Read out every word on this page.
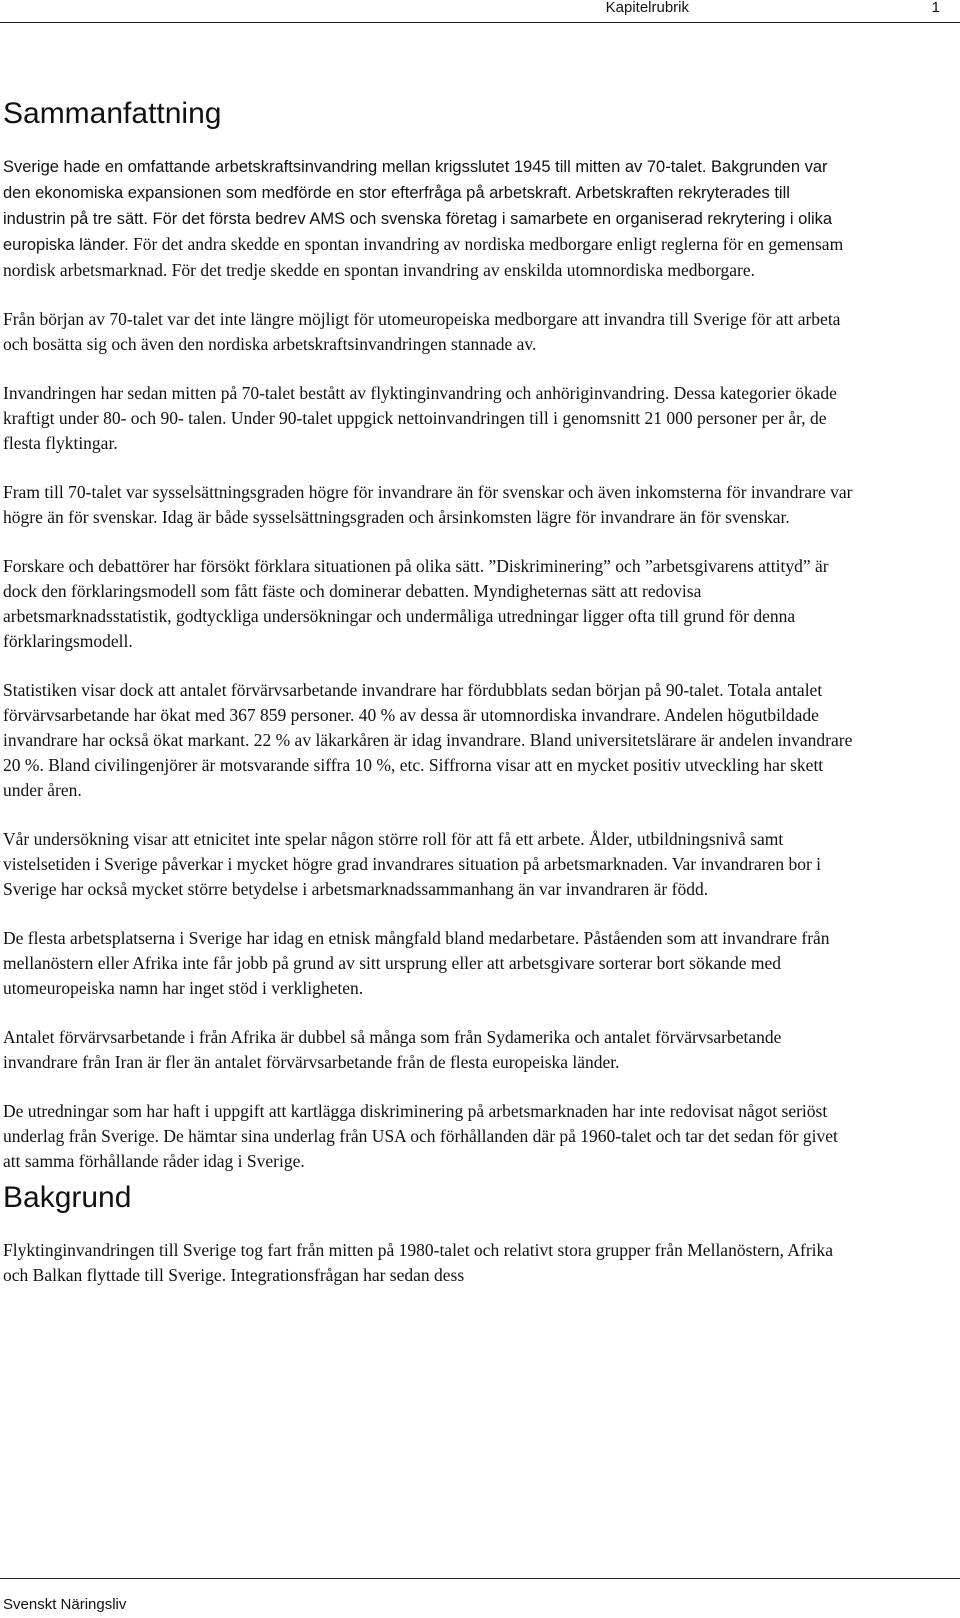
Kapitelrubrik	1
Sammanfattning

Sverige hade en omfattande arbetskraftsinvandring mellan krigsslutet 1945 till mitten av 70-talet. Bakgrunden var den ekonomiska expansionen som medförde en stor efterfråga på arbetskraft. Arbetskraften rekryterades till industrin på tre sätt. För det första bedrev AMS och svenska företag i samarbete en organiserad rekrytering i olika europiska länder. För det andra skedde en spontan invandring av nordiska medborgare enligt reglerna för en gemensam nordisk arbetsmarknad. För det tredje skedde en spontan invandring av enskilda utomnordiska medborgare.

Från början av 70-talet var det inte längre möjligt för utomeuropeiska medborgare att invandra till Sverige för att arbeta och bosätta sig och även den nordiska arbetskraftsinvandringen stannade av.

Invandringen har sedan mitten på 70-talet bestått av flyktinginvandring och anhöriginvandring. Dessa kategorier ökade kraftigt under 80- och 90- talen. Under 90-talet uppgick nettoinvandringen till i genomsnitt 21 000 personer per år, de flesta flyktingar.

Fram till 70-talet var sysselsättningsgraden högre för invandrare än för svenskar och även inkomsterna för invandrare var högre än för svenskar. Idag är både sysselsättningsgraden och årsinkomsten lägre för invandrare än för svenskar.

Forskare och debattörer har försökt förklara situationen på olika sätt. ”Diskriminering” och ”arbetsgivarens attityd” är dock den förklaringsmodell som fått fäste och dominerar debatten. Myndigheternas sätt att redovisa arbetsmarknadsstatistik, godtyckliga undersökningar och undermåliga utredningar ligger ofta till grund för denna förklaringsmodell.

Statistiken visar dock att antalet förvärvsarbetande invandrare har fördubblats sedan början på 90-talet. Totala antalet förvärvsarbetande har ökat med 367 859 personer. 40 % av dessa är utomnordiska invandrare. Andelen högutbildade invandrare har också ökat markant. 22 % av läkarkåren är idag invandrare. Bland universitetslärare är andelen invandrare 20 %. Bland civilingenjörer är motsvarande siffra 10 %, etc. Siffrorna visar att en mycket positiv utveckling har skett under åren.

Vår undersökning visar att etnicitet inte spelar någon större roll för att få ett arbete. Ålder, utbildningsnivå samt vistelsetiden i Sverige påverkar i mycket högre grad invandrares situation på arbetsmarknaden. Var invandraren bor i Sverige har också mycket större betydelse i arbetsmarknadssammanhang än var invandraren är född.

De flesta arbetsplatserna i Sverige har idag en etnisk mångfald bland medarbetare. Påståenden som att invandrare från mellanöstern eller Afrika inte får jobb på grund av sitt ursprung eller att arbetsgivare sorterar bort sökande med utomeuropeiska namn har inget stöd i verkligheten.

Antalet förvärvsarbetande i från Afrika är dubbel så många som från Sydamerika och antalet förvärvsarbetande invandrare från Iran är fler än antalet förvärvsarbetande från de flesta europeiska länder.

De utredningar som har haft i uppgift att kartlägga diskriminering på arbetsmarknaden har inte redovisat något seriöst underlag från Sverige. De hämtar sina underlag från USA och förhållanden där på 1960-talet och tar det sedan för givet att samma förhållande råder idag i Sverige.

Bakgrund

Flyktinginvandringen till Sverige tog fart från mitten på 1980-talet och relativt stora grupper från Mellanöstern, Afrika och Balkan flyttade till Sverige. Integrationsfrågan har sedan dess

Svenskt Näringsliv
